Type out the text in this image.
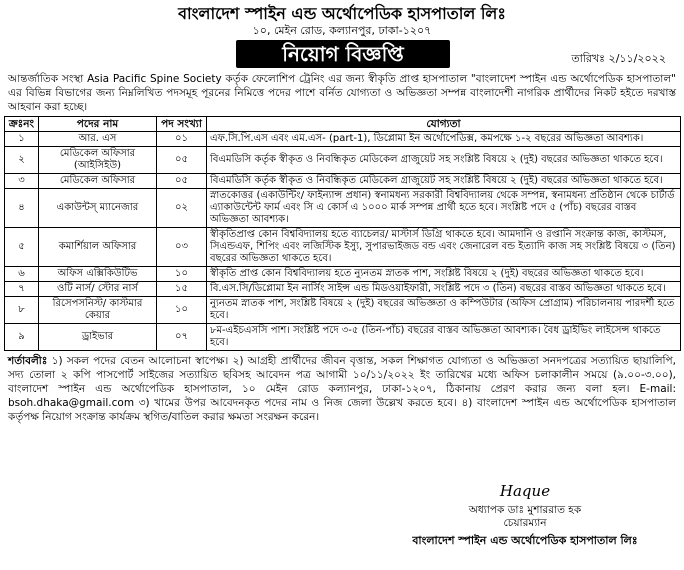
বাংলাদেশ স্পাইন এন্ড অর্থোপেডিক হাসপাতাল লিঃ
১০, মেইন রোড, কল্যানপুর, ঢাকা-১২০৭
নিয়োগ বিজ্ঞপ্তি	তারিখঃ ২/১১/২০২২
আন্তর্জাতিক সংস্থা Asia Pacific Spine Society কর্তৃক ফেলোশিপ ট্রেনিং এর জন্য স্বীকৃতি প্রাপ্ত হাসপাতাল "বাংলাদেশ স্পাইন এন্ড অর্থোপেডিক হাসপাতাল" এর বিভিন্ন বিভাগের জন্য নিম্নলিখিত পদসমূহ পূরনের নিমিত্তে পদের পাশে বর্নিত যোগ্যতা ও অভিজ্ঞতা সম্পন্ন বাংলাদেশী নাগরিক প্রার্থীদের নিকট হইতে দরখাস্ত আহবান করা হচ্ছে।
ক্রঃনং	পদের নাম	পদ সংখ্যা	যোগ্যতা
১	আর. এস	০১	এফ.সি.পি.এস এবং এম.এস- (part-1), ডিপ্লোমা ইন অর্থোপেডিক্স, কমপক্ষে ১-২ বছরের অভিজ্ঞতা আবশ্যক।
২	মেডিকেল অফিসার (আইসিইউ)	০৫	বিএমডিসি কর্তৃক স্বীকৃত ও নিবন্ধিকৃত মেডিকেল গ্রাজুয়েট সহ সংশ্লিষ্ট বিষয়ে ২ (দুই) বছরের অভিজ্ঞতা থাকতে হবে।
৩	মেডিকেল অফিসার	০৫	বিএমডিসি কর্তৃক স্বীকৃত ও নিবন্ধিকৃত মেডিকেল গ্রাজুয়েট সহ সংশ্লিষ্ট বিষয়ে ২ (দুই) বছরের অভিজ্ঞতা থাকতে হবে।
৪	একাউন্টস্ ম্যানেজার	০২	স্নাতকোত্তর (একাউন্টিং/ ফাইন্যান্স প্রধান) স্বনামধন্য সরকারী বিশ্ববিদ্যালয় থেকে সম্পন্ন, স্বনামধন্য প্রতিষ্ঠান থেকে চার্টার্ড এ্যাকাউন্টেন্ট ফার্ম এবং সি এ কোর্স এ ১০০০ মার্ক সম্পন্ন প্রার্থী হতে হবে। সংশ্লিষ্ট পদে ৫ (পাঁচ) বছরের বাস্তব অভিজ্ঞতা আবশ্যক।
৫	কমার্শিয়াল অফিসার	০৩	স্বীকৃতিপ্রাপ্ত কোন বিশ্ববিদ্যালয় হতে ব্যাচেলর/ মাস্টার্স ডিগ্রি থাকতে হবে। আমদানি ও রপ্তানি সংক্রান্ত কাজ, কাস্টমস, সিএন্ডএফ, শিপিং এবং লজিস্টিক ইস্যু, সুপারভাইজড বন্ড এবং জেনারেল বন্ড ইত্যাদি কাজ সহ সংশ্লিষ্ট বিষয়ে ৩ (তিন) বছরের অভিজ্ঞতা থাকতে হবে।
৬	অফিস এক্সিকিউটিভ	১০	স্বীকৃতি প্রাপ্ত কোন বিশ্ববিদ্যালয় হতে ন্যুনতম স্নাতক পাশ, সংশ্লিষ্ট বিষয়ে ২ (দুই) বছরের অভিজ্ঞতা থাকতে হবে।
৭	ওটি নার্স/ স্টোর নার্স	১৫	বি.এস.সি/ডিপ্লোমা ইন নার্সিং সাইন্স এন্ড মিডওয়াইফারী, সংশ্লিষ্ট পদে ৩ (তিন) বছরের বাস্তব অভিজ্ঞতা থাকতে হবে।
৮	রিসেপসনিস্ট/ কাস্টমার কেয়ার	১০	ন্যুনতম স্নাতক পাশ, সংশ্লিষ্ট বিষয়ে ২ (দুই) বছরের অভিজ্ঞতা ও কম্পিউটার (অফিস প্রোগ্রাম) পরিচালনায় পারদর্শী হতে হবে।
৯	ড্রাইভার	০৭	৮ম-এইচএসসি পাশ। সংশ্লিষ্ট পদে ৩-৫ (তিন-পাঁচ) বছরের বাস্তব অভিজ্ঞতা আবশ্যক। বৈধ ড্রাইভিং লাইসেন্স থাকতে হবে।
শর্তাবলীঃ ১) সকল পদের বেতন আলোচনা স্বাপেক্ষ। ২) আগ্রহী প্রার্থীদের জীবন বৃত্তান্ত, সকল শিক্ষাগত যোগ্যতা ও অভিজ্ঞতা সনদপত্রের সত্যায়িত ছায়ালিপি, সদ্য তোলা ২ কপি পাসপোর্ট সাইজের সত্যায়িত ছবিসহ আবেদন পত্র আগামী ১০/১১/২০২২ ইং তারিখের মধ্যে অফিস চলাকালীন সময়ে (৯.০০-৩.০০), বাংলাদেশ স্পাইন এন্ড অর্থোপেডিক হাসপাতাল, ১০ মেইন রোড কল্যানপুর, ঢাকা-১২০৭, ঠিকানায় প্রেরণ করার জন্য বলা হল। E-mail: bsoh.dhaka@gmail.com ৩) খামের উপর আবেদনকৃত পদের নাম ও নিজ জেলা উল্লেখ করতে হবে। ৪) বাংলাদেশ স্পাইন এন্ড অর্থোপেডিক হাসপাতাল কর্তৃপক্ষ নিয়োগ সংক্রান্ত কার্যক্রম স্থগিত/বাতিল করার ক্ষমতা সংরক্ষন করেন।
Haque
অধ্যাপক ডাঃ মুশাররাত হক
চেয়ারম্যান
বাংলাদেশ স্পাইন এন্ড অর্থোপেডিক হাসপাতাল লিঃ
